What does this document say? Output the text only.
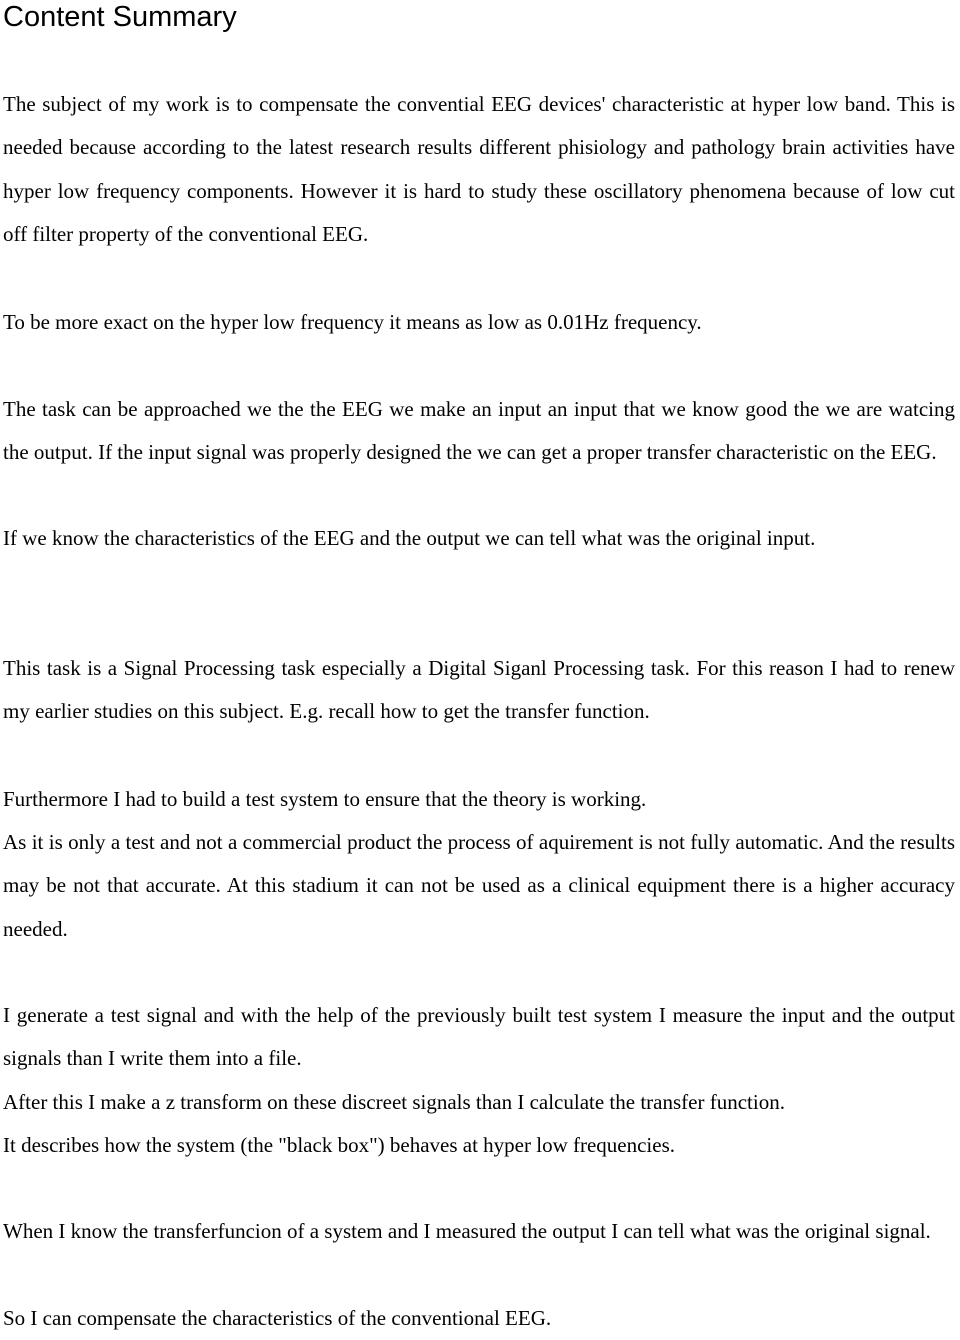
Content Summary

The subject of my work is to compensate the convential EEG devices' characteristic at hyper low band. This is needed because according to the latest research results different phisiology and pathology brain activities have hyper low frequency components. However it is hard to study these oscillatory phenomena because of low cut off filter property of the conventional EEG.

To be more exact on the hyper low frequency it means as low as 0.01Hz frequency.

The task can be approached we the the EEG we make an input an input that we know good the we are watcing the output. If the input signal was properly designed the we can get a proper transfer characteristic on the EEG.

If we know the characteristics of the EEG and the output we can tell what was the original input.

This task is a Signal Processing task especially a Digital Siganl Processing task. For this reason I had to renew my earlier studies on this subject. E.g. recall how to get the transfer function.

Furthermore I had to build a test system to ensure that the theory is working.

As it is only a test and not a commercial product the process of aquirement is not fully automatic. And the results may be not that accurate. At this stadium it can not be used as a clinical equipment there is a higher accuracy needed.

I generate a test signal and with the help of the previously built test system I measure the input and the output signals than I write them into a file.

After this I make a z transform on these discreet signals than I calculate the transfer function.

It describes how the system (the "black box") behaves at hyper low frequencies.

When I know the transferfuncion of a system and I measured the output I can tell what was the original signal.

So I can compensate the characteristics of the conventional EEG.
